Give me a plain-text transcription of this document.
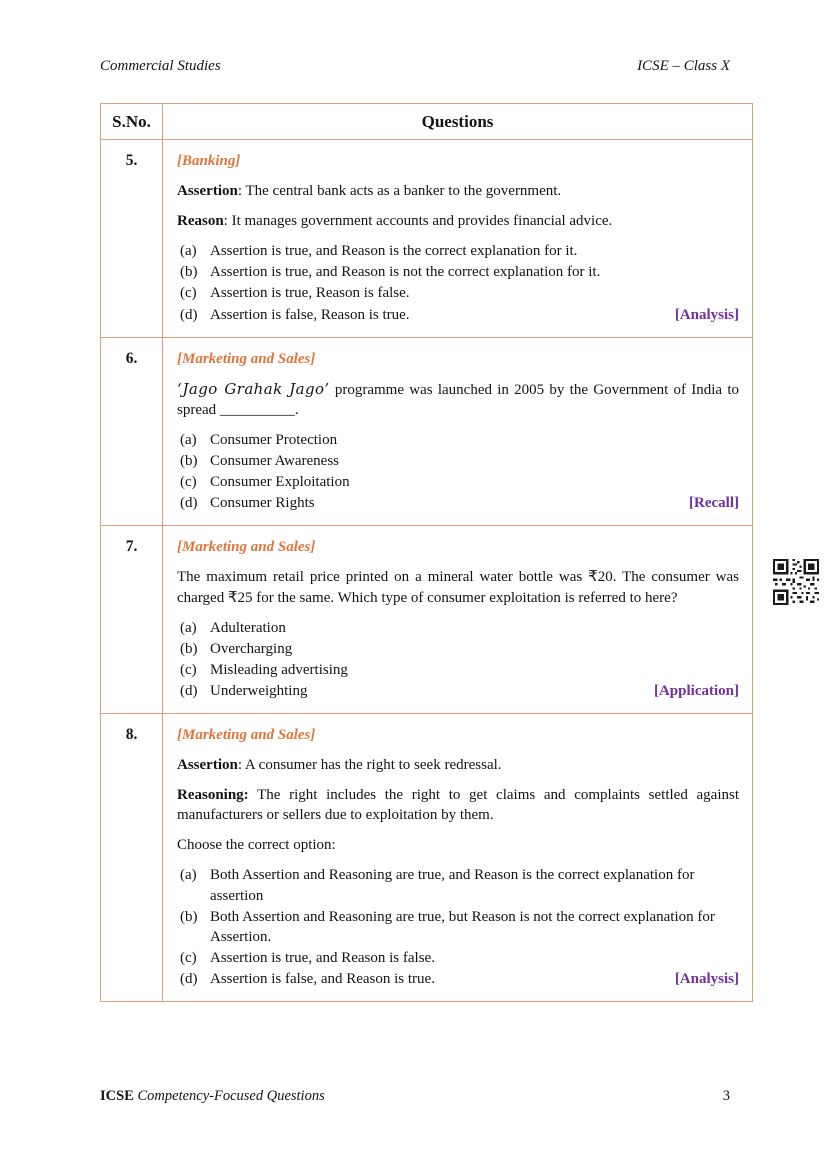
Commercial Studies	ICSE – Class X
S.No.	Questions
5.	[Banking]

Assertion: The central bank acts as a banker to the government.

Reason: It manages government accounts and provides financial advice.

(a) Assertion is true, and Reason is the correct explanation for it.
(b) Assertion is true, and Reason is not the correct explanation for it.
(c) Assertion is true, Reason is false.
(d) Assertion is false, Reason is true.	[Analysis]
6.	[Marketing and Sales]

‘Jago Grahak Jago’ programme was launched in 2005 by the Government of India to spread __________.

(a) Consumer Protection
(b) Consumer Awareness
(c) Consumer Exploitation
(d) Consumer Rights	[Recall]
7.	[Marketing and Sales]

The maximum retail price printed on a mineral water bottle was ₹20. The consumer was charged ₹25 for the same. Which type of consumer exploitation is referred to here?

(a) Adulteration
(b) Overcharging
(c) Misleading advertising
(d) Underweighting	[Application]
8.	[Marketing and Sales]

Assertion: A consumer has the right to seek redressal.

Reasoning: The right includes the right to get claims and complaints settled against manufacturers or sellers due to exploitation by them.

Choose the correct option:

(a) Both Assertion and Reasoning are true, and Reason is the correct explanation for assertion
(b) Both Assertion and Reasoning are true, but Reason is not the correct explanation for Assertion.
(c) Assertion is true, and Reason is false.
(d) Assertion is false, and Reason is true.	[Analysis]
ICSE Competency-Focused Questions	3
